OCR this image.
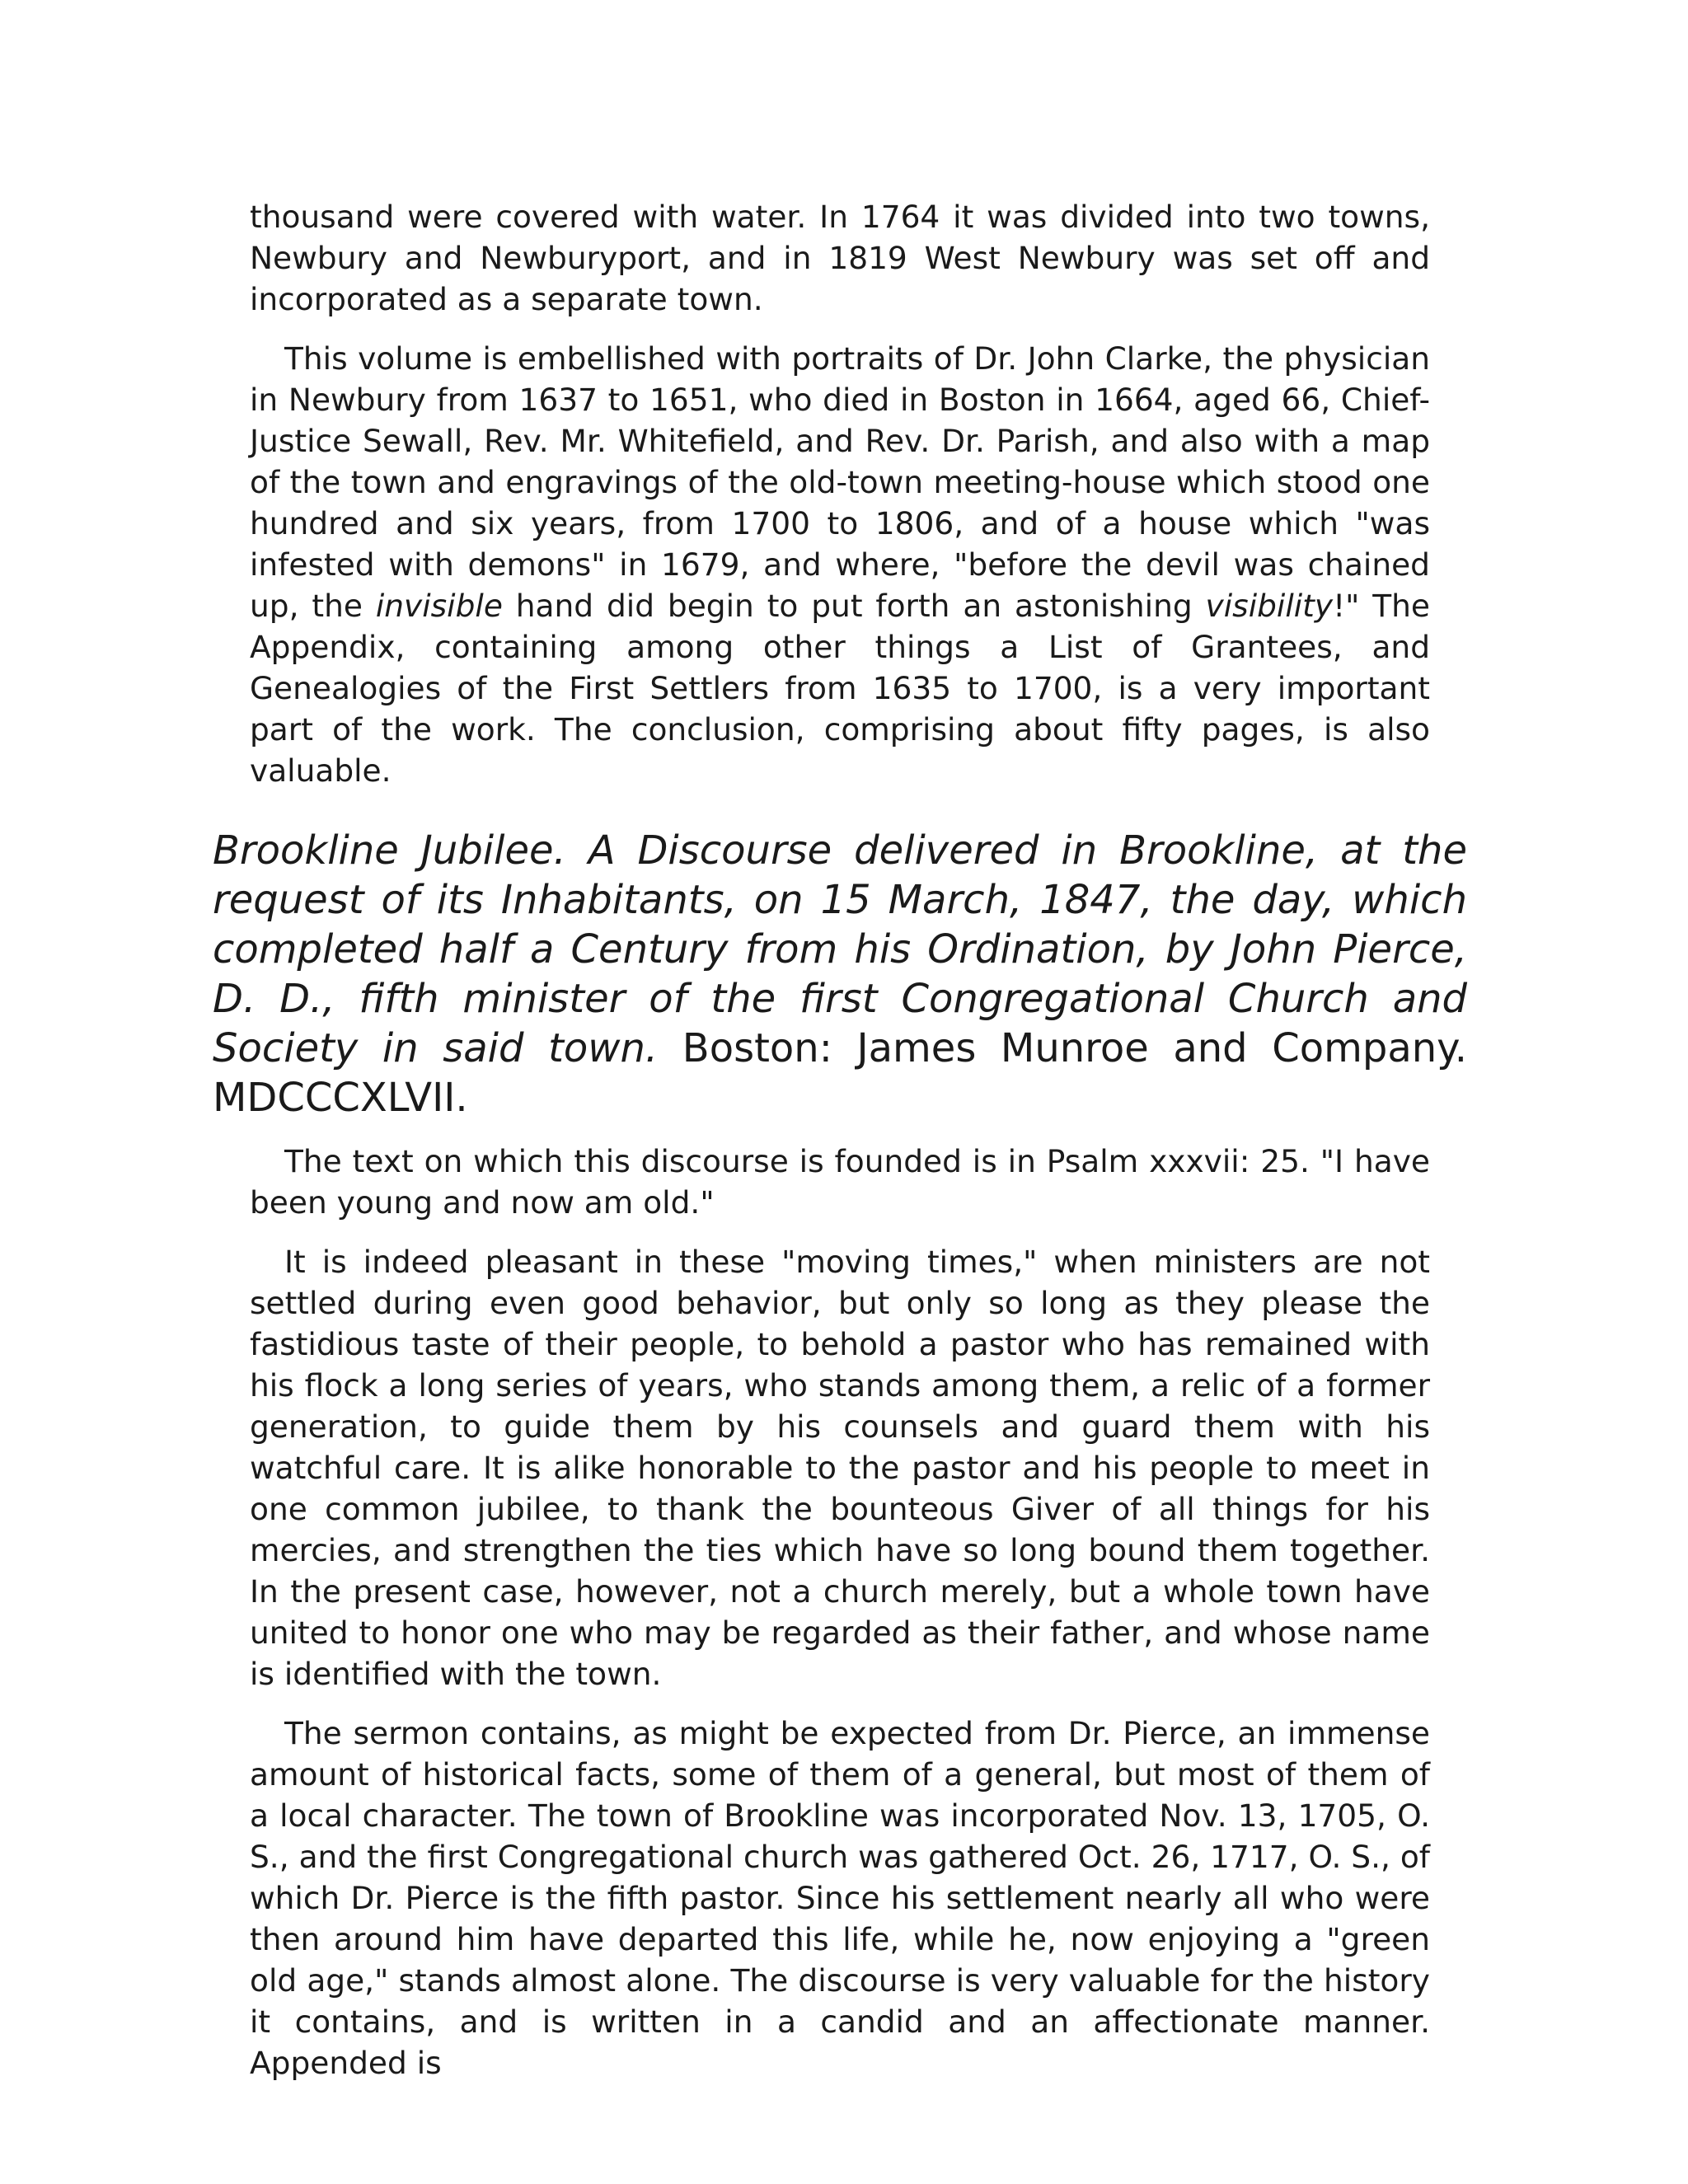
thousand were covered with water. In 1764 it was divided into two towns, Newbury and Newburyport, and in 1819 West Newbury was set off and incorporated as a separate town.

This volume is embellished with portraits of Dr. John Clarke, the physician in Newbury from 1637 to 1651, who died in Boston in 1664, aged 66, Chief-Justice Sewall, Rev. Mr. Whitefield, and Rev. Dr. Parish, and also with a map of the town and engravings of the old-town meeting-house which stood one hundred and six years, from 1700 to 1806, and of a house which "was infested with demons" in 1679, and where, "before the devil was chained up, the invisible hand did begin to put forth an astonishing visibility!" The Appendix, containing among other things a List of Grantees, and Genealogies of the First Settlers from 1635 to 1700, is a very important part of the work. The conclusion, comprising about fifty pages, is also valuable.

Brookline Jubilee. A Discourse delivered in Brookline, at the request of its Inhabitants, on 15 March, 1847, the day, which completed half a Century from his Ordination, by John Pierce, D. D., fifth minister of the first Congregational Church and Society in said town. Boston: James Munroe and Company. MDCCCXLVII.

The text on which this discourse is founded is in Psalm xxxvii: 25. "I have been young and now am old."

It is indeed pleasant in these "moving times," when ministers are not settled during even good behavior, but only so long as they please the fastidious taste of their people, to behold a pastor who has remained with his flock a long series of years, who stands among them, a relic of a former generation, to guide them by his counsels and guard them with his watchful care. It is alike honorable to the pastor and his people to meet in one common jubilee, to thank the bounteous Giver of all things for his mercies, and strengthen the ties which have so long bound them together. In the present case, however, not a church merely, but a whole town have united to honor one who may be regarded as their father, and whose name is identified with the town.

The sermon contains, as might be expected from Dr. Pierce, an immense amount of historical facts, some of them of a general, but most of them of a local character. The town of Brookline was incorporated Nov. 13, 1705, O. S., and the first Congregational church was gathered Oct. 26, 1717, O. S., of which Dr. Pierce is the fifth pastor. Since his settlement nearly all who were then around him have departed this life, while he, now enjoying a "green old age," stands almost alone. The discourse is very valuable for the history it contains, and is written in a candid and an affectionate manner. Appended is
